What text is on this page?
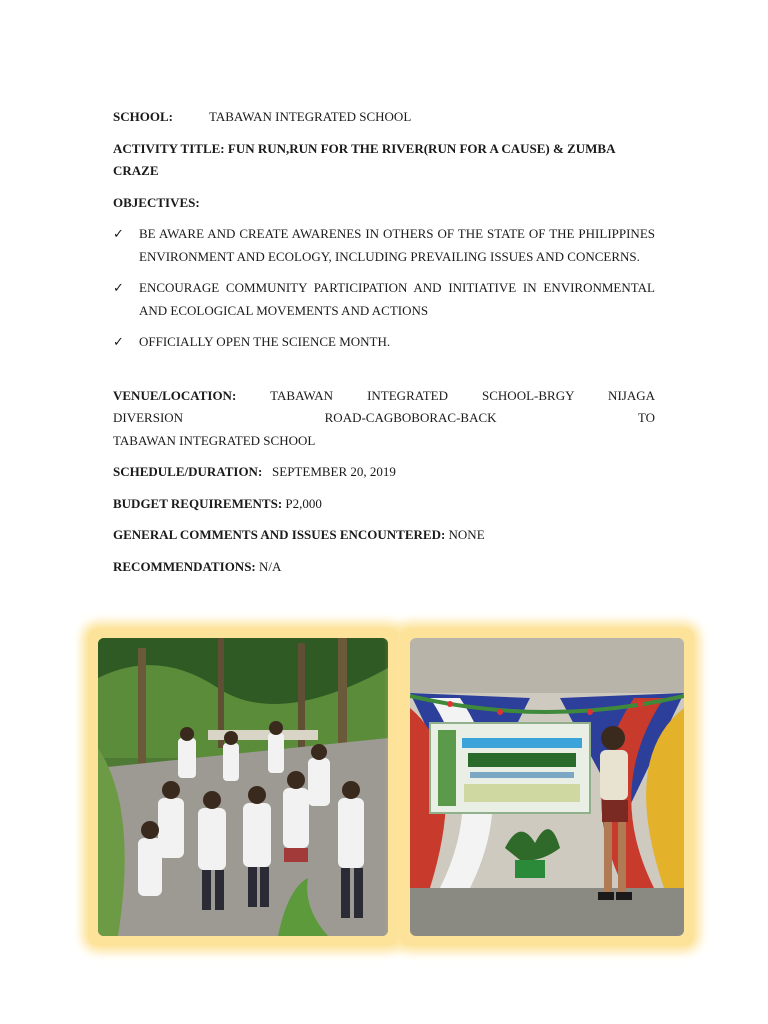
SCHOOL:	TABAWAN INTEGRATED SCHOOL
ACTIVITY TITLE: FUN RUN,RUN FOR THE RIVER(RUN FOR A CAUSE) & ZUMBA CRAZE
OBJECTIVES:
✓ BE AWARE AND CREATE AWARENES IN OTHERS OF THE STATE OF THE PHILIPPINES ENVIRONMENT AND ECOLOGY, INCLUDING PREVAILING ISSUES AND CONCERNS.
✓ ENCOURAGE COMMUNITY PARTICIPATION AND INITIATIVE IN ENVIRONMENTAL AND ECOLOGICAL MOVEMENTS AND ACTIONS
✓ OFFICIALLY OPEN THE SCIENCE MONTH.
VENUE/LOCATION:	TABAWAN INTEGRATED SCHOOL-BRGY NIJAGA
DIVERSION	ROAD-CAGBOBORAC-BACK	TO
TABAWAN INTEGRATED SCHOOL
SCHEDULE/DURATION: SEPTEMBER 20, 2019
BUDGET REQUIREMENTS: P2,000
GENERAL COMMENTS AND ISSUES ENCOUNTERED: NONE
RECOMMENDATIONS: N/A
